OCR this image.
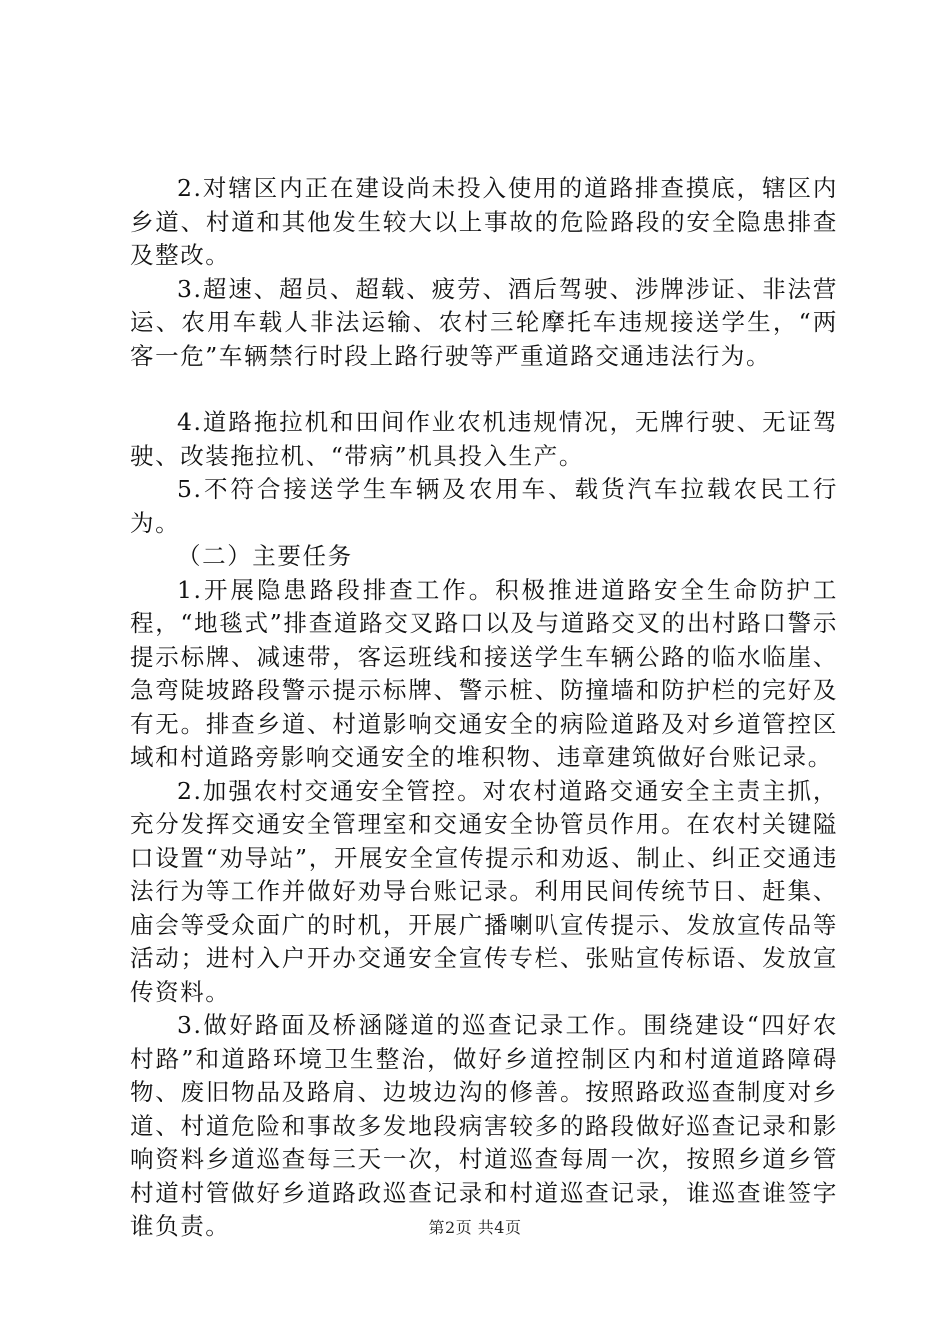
2.对辖区内正在建设尚未投入使用的道路排查摸底，辖区内乡道、村道和其他发生较大以上事故的危险路段的安全隐患排查及整改。

3.超速、超员、超载、疲劳、酒后驾驶、涉牌涉证、非法营运、农用车载人非法运输、农村三轮摩托车违规接送学生，“两客一危”车辆禁行时段上路行驶等严重道路交通违法行为。

4.道路拖拉机和田间作业农机违规情况，无牌行驶、无证驾驶、改装拖拉机、“带病”机具投入生产。

5.不符合接送学生车辆及农用车、载货汽车拉载农民工行为。

（二）主要任务

1.开展隐患路段排查工作。积极推进道路安全生命防护工程，“地毯式”排查道路交叉路口以及与道路交叉的出村路口警示提示标牌、减速带，客运班线和接送学生车辆公路的临水临崖、急弯陡坡路段警示提示标牌、警示桩、防撞墙和防护栏的完好及有无。排查乡道、村道影响交通安全的病险道路及对乡道管控区域和村道路旁影响交通安全的堆积物、违章建筑做好台账记录。

2.加强农村交通安全管控。对农村道路交通安全主责主抓，充分发挥交通安全管理室和交通安全协管员作用。在农村关键隘口设置“劝导站”，开展安全宣传提示和劝返、制止、纠正交通违法行为等工作并做好劝导台账记录。利用民间传统节日、赶集、庙会等受众面广的时机，开展广播喇叭宣传提示、发放宣传品等活动；进村入户开办交通安全宣传专栏、张贴宣传标语、发放宣传资料。

3.做好路面及桥涵隧道的巡查记录工作。围绕建设“四好农村路”和道路环境卫生整治，做好乡道控制区内和村道道路障碍物、废旧物品及路肩、边坡边沟的修善。按照路政巡查制度对乡道、村道危险和事故多发地段病害较多的路段做好巡查记录和影响资料乡道巡查每三天一次，村道巡查每周一次，按照乡道乡管村道村管做好乡道路政巡查记录和村道巡查记录，谁巡查谁签字谁负责。	第2页 共4页
